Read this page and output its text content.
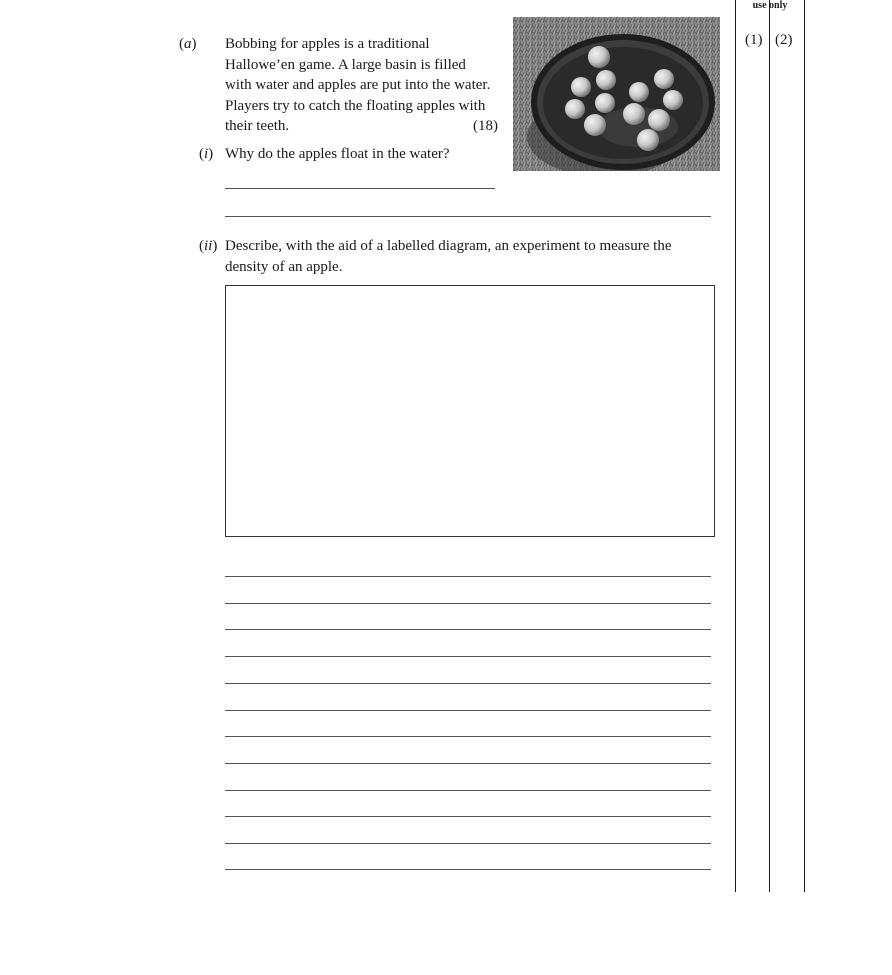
use only
(1) (2)
(a) Bobbing for apples is a traditional
Hallowe’en game. A large basin is filled
with water and apples are put into the water.
Players try to catch the floating apples with
their teeth.	(18)
(i) Why do the apples float in the water?
(ii) Describe, with the aid of a labelled diagram, an experiment to measure the
density of an apple.
